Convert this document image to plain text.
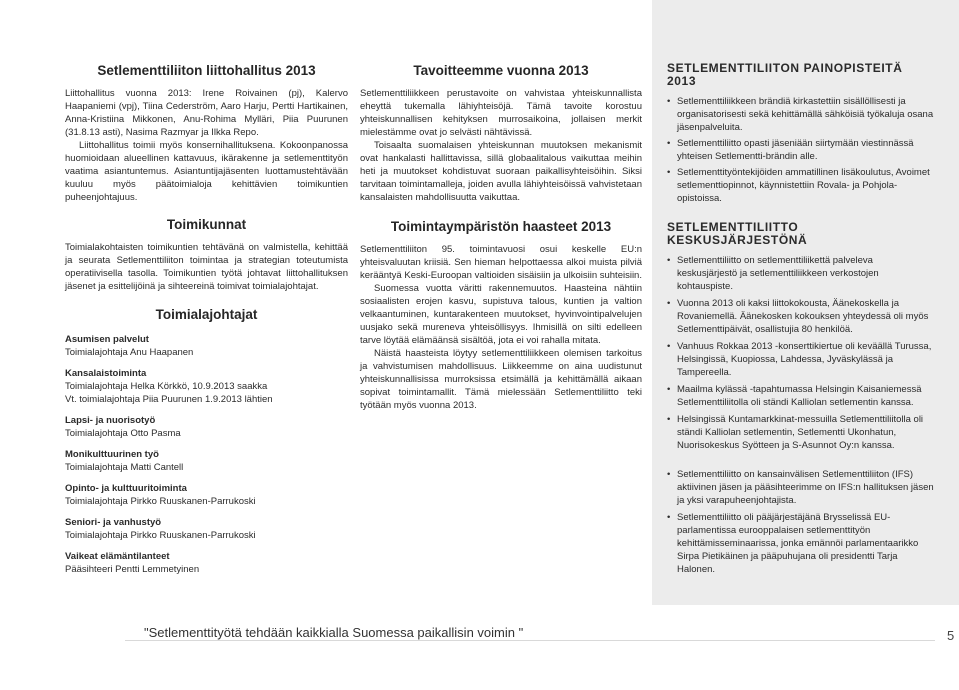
Setlementtiliiton liittohallitus 2013

Liittohallitus vuonna 2013: Irene Roivainen (pj), Kalervo Haapaniemi (vpj), Tiina Cederström, Aaro Harju, Pertti Hartikainen, Anna-Kristiina Mikkonen, Anu-Rohima Mylläri, Piia Puurunen (31.8.13 asti), Nasima Razmyar ja Ilkka Repo.

Liittohallitus toimii myös konsernihallituksena. Kokoonpanossa huomioidaan alueellinen kattavuus, ikärakenne ja setlementtityön vaatima asiantuntemus. Asiantuntijajäsenten luottamustehtävään kuuluu myös päätoimialoja kehittävien toimikuntien puheenjohtajuus.

Toimikunnat

Toimialakohtaisten toimikuntien tehtävänä on valmistella, kehittää ja seurata Setlementtiliiton toimintaa ja strategian toteutumista operatiivisella tasolla. Toimikuntien työtä johtavat liittohallituksen jäsenet ja esittelijöinä ja sihteereinä toimivat toimialajohtajat.

Toimialajohtajat
Asumisen palvelut
Toimialajohtaja Anu Haapanen
Kansalaistoiminta
Toimialajohtaja Helka Körkkö, 10.9.2013 saakka
Vt. toimialajohtaja Piia Puurunen 1.9.2013 lähtien
Lapsi- ja nuorisotyö
Toimialajohtaja Otto Pasma
Monikulttuurinen työ
Toimialajohtaja Matti Cantell
Opinto- ja kulttuuritoiminta
Toimialajohtaja Pirkko Ruuskanen-Parrukoski
Seniori- ja vanhustyö
Toimialajohtaja Pirkko Ruuskanen-Parrukoski
Vaikeat elämäntilanteet
Pääsihteeri Pentti Lemmetyinen
Tavoitteemme vuonna 2013

Setlementtiliikkeen perustavoite on vahvistaa yhteiskunnallista eheyttä tukemalla lähiyhteisöjä. Tämä tavoite korostuu yhteiskunnallisen kehityksen murrosaikoina, jollaisen merkit mielestämme ovat jo selvästi nähtävissä.

Toisaalta suomalaisen yhteiskunnan muutoksen mekanismit ovat hankalasti hallittavissa, sillä globaalitalous vaikuttaa meihin heti ja muutokset kohdistuvat suoraan paikallisyhteisöihin. Siksi tarvitaan toimintamalleja, joiden avulla lähiyhteisöissä vahvistetaan kansalaisten mahdollisuutta vaikuttaa.

Toimintaympäristön haasteet 2013

Setlementtiliiton 95. toimintavuosi osui keskelle EU:n yhteisvaluutan kriisiä. Sen hieman helpottaessa alkoi muista pilviä kerääntyä Keski-Euroopan valtioiden sisäisiin ja ulkoisiin suhteisiin.

Suomessa vuotta väritti rakennemuutos. Haasteina nähtiin sosiaalisten erojen kasvu, supistuva talous, kuntien ja valtion velkaantuminen, kuntarakenteen muutokset, hyvinvointipalvelujen uusjako sekä mureneva yhteisöllisyys. Ihmisillä on silti edelleen tarve löytää elämäänsä sisältöä, jota ei voi rahalla mitata.

Näistä haasteista löytyy setlementtiliikkeen olemisen tarkoitus ja vahvistumisen mahdollisuus. Liikkeemme on aina uudistunut yhteiskunnallisissa murroksissa etsimällä ja kehittämällä aikaan sopivat toimintamallit. Tämä mielessään Setlementtiliitto teki työtään myös vuonna 2013.

SETLEMENTTILIITON PAINOPISTEITÄ 2013
• Setlementtiliikkeen brändiä kirkastettiin sisällöllisesti ja organisatorisesti sekä kehittämällä sähköisiä työkaluja osana jäsenpalveluita.
• Setlementtiliitto opasti jäseniään siirtymään viestinnässä yhteisen Setlementti-brändin alle.
• Setlementtityöntekijöiden ammatillinen lisäkoulutus, Avoimet setlementtiopinnot, käynnistettiin Rovala- ja Pohjola-opistoissa.
SETLEMENTTILIITTO KESKUSJÄRJESTÖNÄ
• Setlementtiliitto on setlementtiliikettä palveleva keskusjärjestö ja setlementtiliikkeen verkostojen kohtauspiste.
• Vuonna 2013 oli kaksi liittokokousta, Äänekoskella ja Rovaniemellä. Äänekosken kokouksen yhteydessä oli myös Setlementtipäivät, osallistujia 80 henkilöä.
• Vanhuus Rokkaa 2013 -konserttikiertue oli keväällä Turussa, Helsingissä, Kuopiossa, Lahdessa, Jyväskylässä ja Tampereella.
• Maailma kylässä -tapahtumassa Helsingin Kaisaniemessä Setlementtiliitolla oli ständi Kalliolan setlementin kanssa.
• Helsingissä Kuntamarkkinat-messuilla Setlementtiliitolla oli ständi Kalliolan setlementin, Setlementti Ukonhatun, Nuorisokeskus Syötteen ja S-Asunnot Oy:n kanssa.
• Setlementtiliitto on kansainvälisen Setlementtiliiton (IFS) aktiivinen jäsen ja pääsihteerimme on IFS:n hallituksen jäsen ja yksi varapuheenjohtajista.
• Setlementtiliitto oli pääjärjestäjänä Brysselissä EU-parlamentissa eurooppalaisen setlementtityön kehittämisseminaarissa, jonka emännöi parlamentaarikko Sirpa Pietikäinen ja pääpuhujana oli presidentti Tarja Halonen.
"Setlementtityötä tehdään kaikkialla Suomessa paikallisin voimin "	5
